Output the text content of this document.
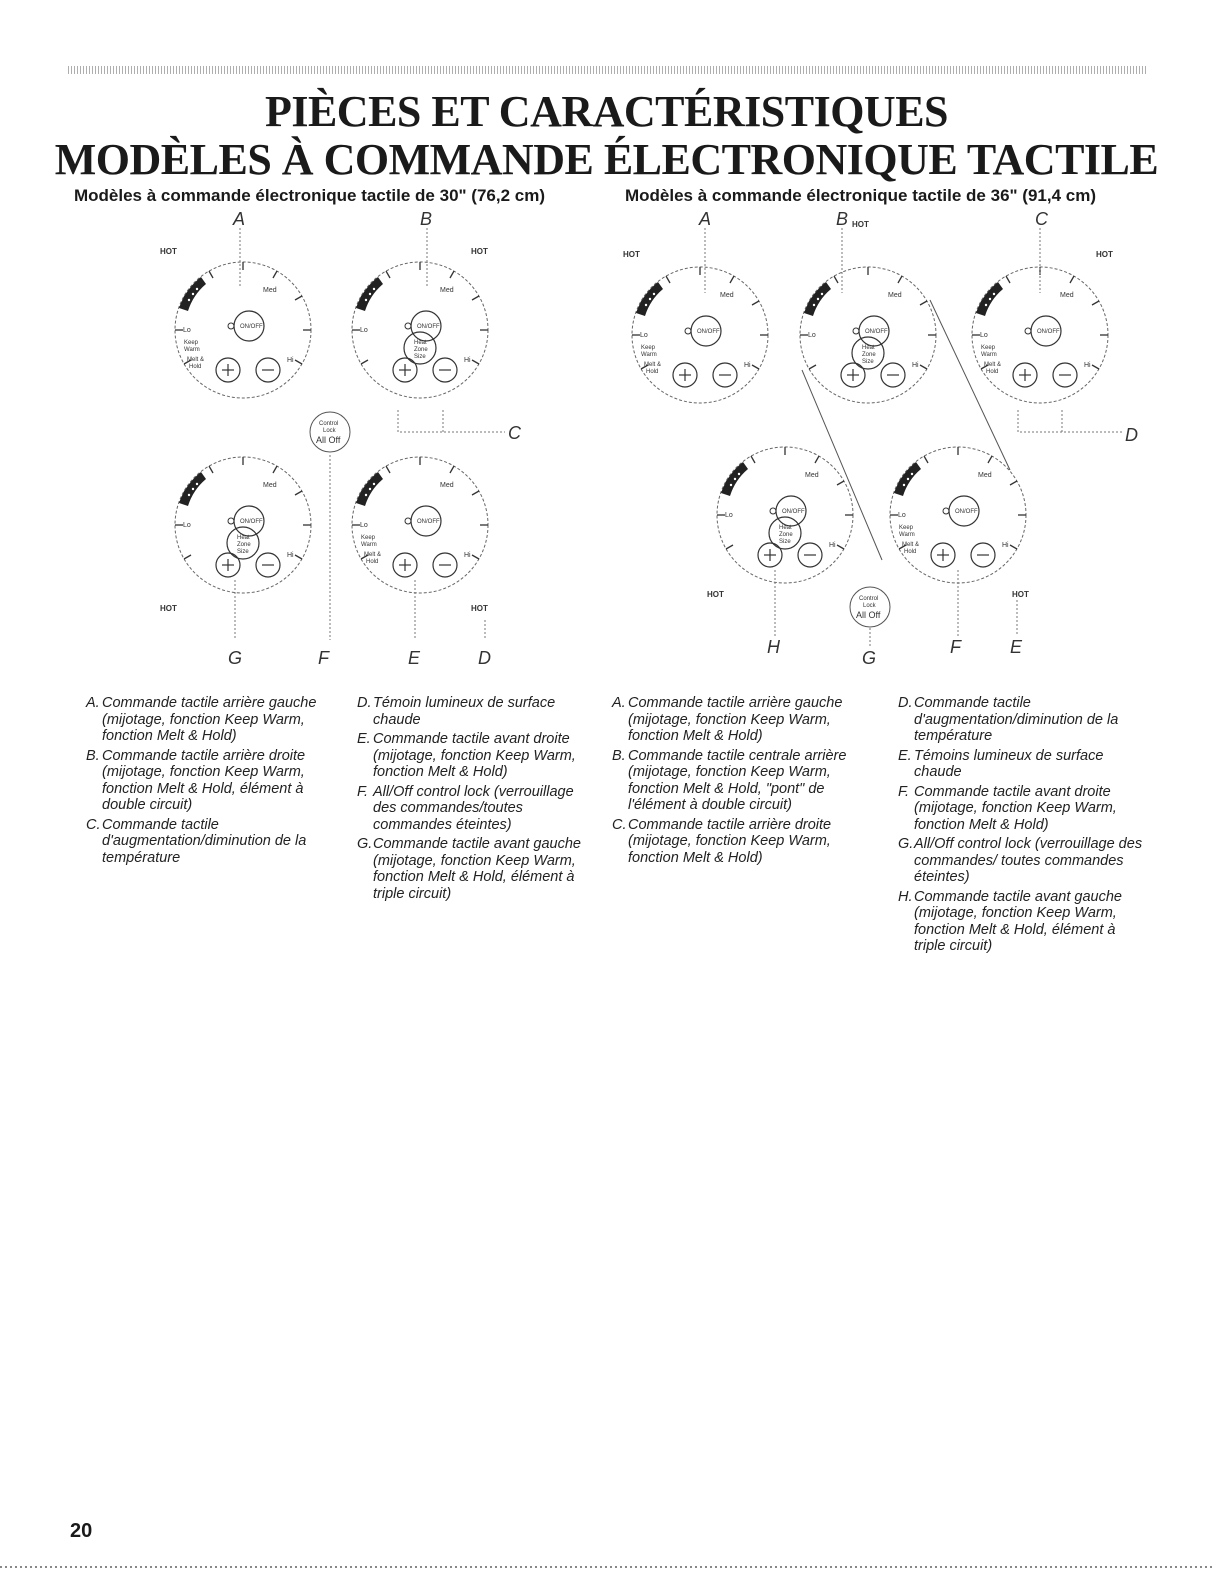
PIÈCES ET CARACTÉRISTIQUES
MODÈLES À COMMANDE ÉLECTRONIQUE TACTILE
Modèles à commande électronique tactile de 30" (76,2 cm)	Modèles à commande électronique tactile de 36" (91,4 cm)
Med
Lo	ON/OFF
Keep
Warm
Melt &
Hold
Hi
Med
Lo	ON/OFF
Heat
Zone
Size	Hi
Med
Lo	ON/OFF
Heat
Zone
Size	Hi
Med
Lo	ON/OFF
Keep
Warm
Melt &
Hold
Hi
Control
Lock
All Off
HOT	HOT
HOT	HOT
A	B
C
G	F	E	D
Med
Lo	ON/OFF
Keep
Warm
Melt &
Hold
Hi
Med
Lo	ON/OFF
Heat
Zone
Size	Hi
Med
Lo	ON/OFF
Keep
Warm
Melt &
Hold
Hi
Med
Lo	ON/OFF
Heat
Zone
Size	Hi
Med
Lo	ON/OFF
Keep
Warm
Melt &
Hold
Hi
Control
Lock
All Off
HOT
HOT
HOT
HOT	HOT
A	B	C
D
H
G
F	E
A. Commande tactile arrière gauche (mijotage, fonction Keep Warm, fonction Melt & Hold)
B. Commande tactile arrière droite (mijotage, fonction Keep Warm, fonction Melt & Hold, élément à double circuit)
C. Commande tactile d'augmentation/diminution de la température
D. Témoin lumineux de surface chaude
E. Commande tactile avant droite (mijotage, fonction Keep Warm, fonction Melt & Hold)
F. All/Off control lock (verrouillage des commandes/toutes commandes éteintes)
G.Commande tactile avant gauche (mijotage, fonction Keep Warm, fonction Melt & Hold, élément à triple circuit)
A. Commande tactile arrière gauche (mijotage, fonction Keep Warm, fonction Melt & Hold)
B. Commande tactile centrale arrière (mijotage, fonction Keep Warm, fonction Melt & Hold, "pont" de l'élément à double circuit)
C. Commande tactile arrière droite (mijotage, fonction Keep Warm, fonction Melt & Hold)
D. Commande tactile d'augmentation/diminution de la température
E. Témoins lumineux de surface chaude
F. Commande tactile avant droite (mijotage, fonction Keep Warm, fonction Melt & Hold)
G.All/Off control lock (verrouillage des commandes/ toutes commandes éteintes)
H. Commande tactile avant gauche (mijotage, fonction Keep Warm, fonction Melt & Hold, élément à triple circuit)
20
